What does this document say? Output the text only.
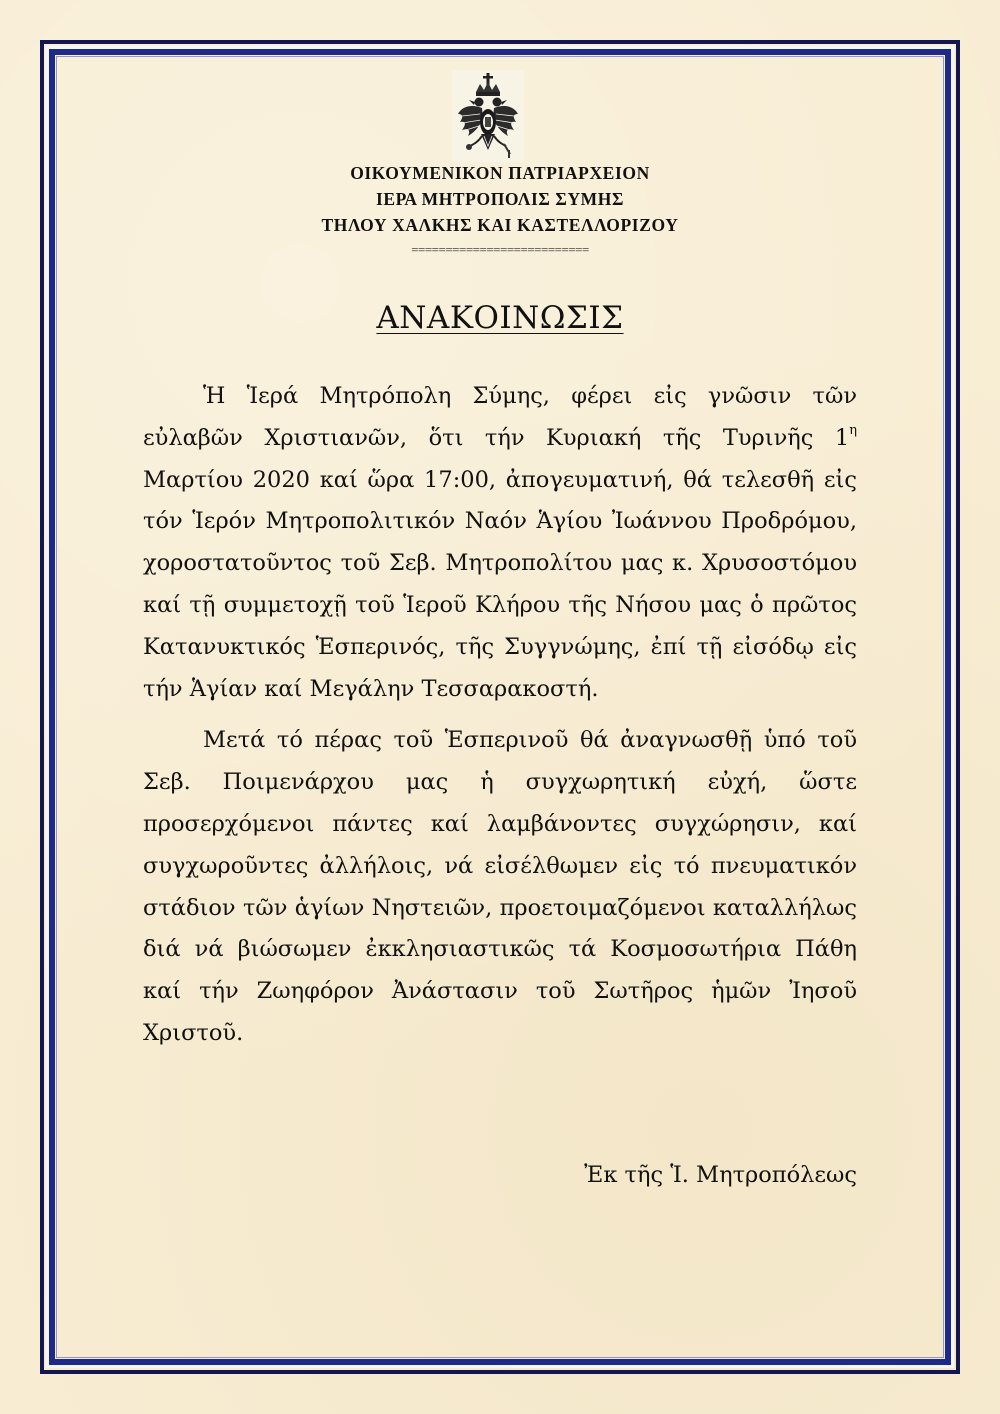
ΟΙΚΟΥΜΕΝΙΚΟΝ ΠΑΤΡΙΑΡΧΕΙΟΝ
ΙΕΡΑ ΜΗΤΡΟΠΟΛΙΣ ΣΥΜΗΣ
ΤΗΛΟΥ ΧΑΛΚΗΣ ΚΑΙ ΚΑΣΤΕΛΛΟΡΙΖΟΥ
==========================
ΑΝΑΚΟΙΝΩΣΙΣ

Ἡ Ἱερά Μητρόπολη Σύμης, φέρει εἰς γνῶσιν τῶν εὐλαβῶν Χριστιανῶν, ὅτι τήν Κυριακή τῆς Τυρινῆς $1^\eta$ Μαρτίου 2020 καί ὥρα 17:00, ἀπογευματινή, θά τελεσθῆ εἰς τόν Ἱερόν Μητροπολιτικόν Ναόν Ἁγίου Ἰωάννου Προδρόμου, χοροστατοῦντος τοῦ Σεβ. Μητροπολίτου μας κ. Χρυσοστόμου καί τῇ συμμετοχῇ τοῦ Ἱεροῦ Κλήρου τῆς Νήσου μας ὁ πρῶτος Κατανυκτικός Ἑσπερινός, τῆς Συγγνώμης, ἐπί τῇ εἰσόδῳ εἰς τήν Ἁγίαν καί Μεγάλην Τεσσαρακοστή.

Μετά τό πέρας τοῦ Ἑσπερινοῦ θά ἀναγνωσθῇ ὑπό τοῦ Σεβ. Ποιμενάρχου μας ἡ συγχωρητική εὐχή, ὥστε προσερχόμενοι πάντες καί λαμβάνοντες συγχώρησιν, καί συγχωροῦντες ἀλλήλοις, νά εἰσέλθωμεν εἰς τό πνευματικόν στάδιον τῶν ἁγίων Νηστειῶν, προετοιμαζόμενοι καταλλήλως διά νά βιώσωμεν ἐκκλησιαστικῶς τά Κοσμοσωτήρια Πάθη καί τήν Ζωηφόρον Ἀνάστασιν τοῦ Σωτῆρος ἡμῶν Ἰησοῦ Χριστοῦ.

Ἐκ τῆς Ἱ. Μητροπόλεως
